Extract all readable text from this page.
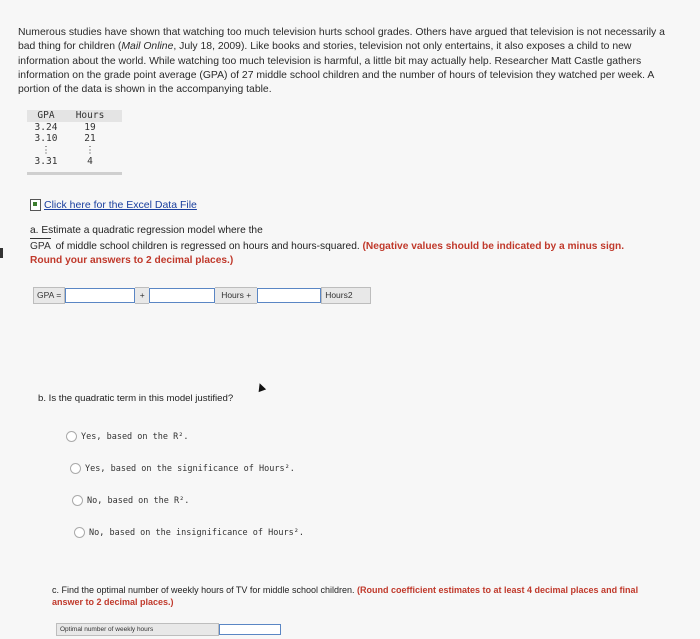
Numerous studies have shown that watching too much television hurts school grades. Others have argued that television is not necessarily a bad thing for children (Mail Online, July 18, 2009). Like books and stories, television not only entertains, it also exposes a child to new information about the world. While watching too much television is harmful, a little bit may actually help. Researcher Matt Castle gathers information on the grade point average (GPA) of 27 middle school children and the number of hours of television they watched per week. A portion of the data is shown in the accompanying table.
GPA	Hours
3.24	19
3.10	21
⋮	⋮
3.31	4
Click here for the Excel Data File
a. Estimate a quadratic regression model where the
GPA of middle school children is regressed on hours and hours-squared. (Negative values should be indicated by a minus sign.
Round your answers to 2 decimal places.)
GPA =	+	Hours +	Hours2
b. Is the quadratic term in this model justified?
Yes, based on the R².
Yes, based on the significance of Hours².
No, based on the R².
No, based on the insignificance of Hours².
c. Find the optimal number of weekly hours of TV for middle school children. (Round coefficient estimates to at least 4 decimal places and final answer to 2 decimal places.)
Optimal number of weekly hours
